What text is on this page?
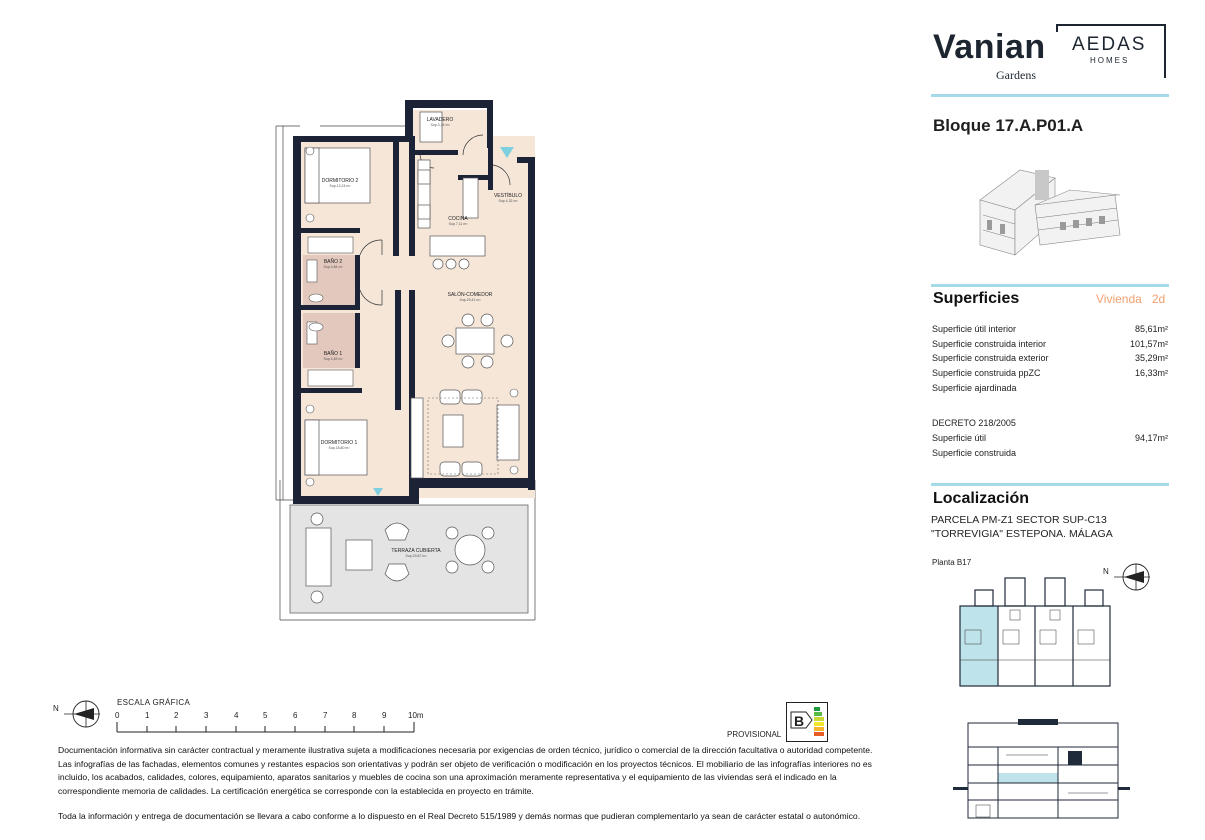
LAVADERO
Sup.3,16 m²
DORMITORIO 2
Sup.13,24 m²
COCINA
Sup.7,11 m²
VESTÍBULO
Sup.4,32 m²
BAÑO 2
Sup.4,84 m²
SALÓN-COMEDOR
Sup.29,41 m²
BAÑO 1
Sup.4,63 m²
DORMITORIO 1
Sup.18,80 m²
TERRAZA CUBIERTA
Sup.29,87 m²
Vanian
Gardens
AEDAS
HOMES
Bloque 17.A.P01.A
Superficies	Vivienda 2d
Superficie útil interior	85,61m²
Superficie construida interior	101,57m²
Superficie construida exterior	35,29m²
Superficie construida ppZC	16,33m²
Superficie ajardinada
DECRETO 218/2005
Superficie útil	94,17m²
Superficie construida
Localización
PARCELA PM-Z1 SECTOR SUP-C13
"TORREVIGIA" ESTEPONA. MÁLAGA
Planta B17
N
N
ESCALA GRÁFICA
0	1	2	3	4	5	6	7	8	9	10m
PROVISIONAL
B
Documentación informativa sin carácter contractual y meramente ilustrativa sujeta a modificaciones necesaria por exigencias de orden técnico, jurídico o comercial de la dirección facultativa o autoridad competente. Las infografías de las fachadas, elementos comunes y restantes espacios son orientativas y podrán ser objeto de verificación o modificación en los proyectos técnicos. El mobiliario de las infografías interiores no es incluido, los acabados, calidades, colores, equipamiento, aparatos sanitarios y muebles de cocina son una aproximación meramente representativa y el equipamiento de las viviendas será el indicado en la correspondiente memoria de calidades. La certificación energética se corresponde con la establecida en proyecto en trámite.
Toda la información y entrega de documentación se llevara a cabo conforme a lo dispuesto en el Real Decreto 515/1989 y demás normas que pudieran complementarlo ya sean de carácter estatal o autonómico.
